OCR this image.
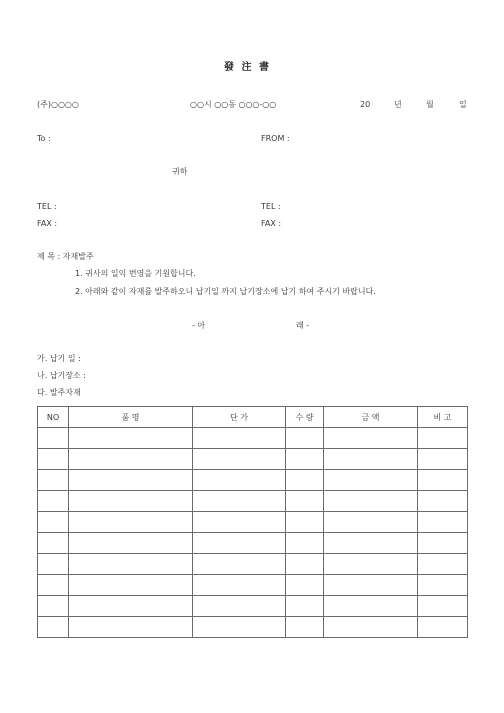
發 注 書
(주)○○○○	○○시 ○○동 ○○○-○○	20	년	월	일
To :	FROM :
귀하
TEL :	TEL :
FAX :	FAX :
제 목 : 자재발주
1. 귀사의 일익 번영을 기원합니다.
2. 아래와 같이 자재를 발주하오니 납기일 까지 납기장소에 납기 하여 주시기 바랍니다.
- 아	래 -
가. 납기 일 :
나. 납기장소 :
다. 발주자재
NO	품 명	단 가	수 량	금 액	비 고
